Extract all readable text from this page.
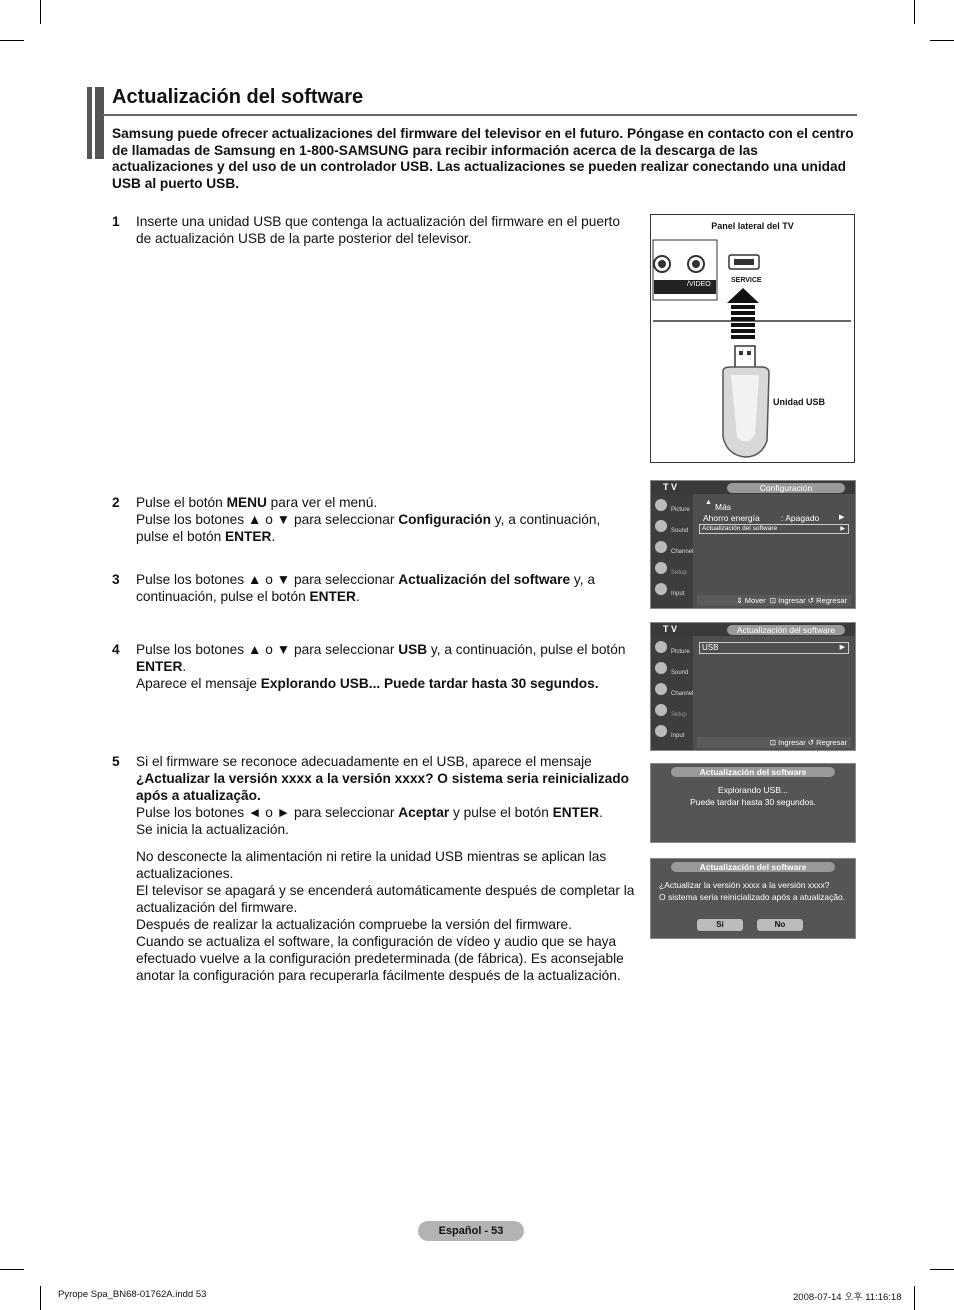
Actualización del software
Samsung puede ofrecer actualizaciones del firmware del televisor en el futuro. Póngase en contacto con el centro de llamadas de Samsung en 1-800-SAMSUNG para recibir información acerca de la descarga de las actualizaciones y del uso de un controlador USB. Las actualizaciones se pueden realizar conectando una unidad USB al puerto USB.
1 Inserte una unidad USB que contenga la actualización del firmware en el puerto de actualización USB de la parte posterior del televisor.

2 Pulse el botón MENU para ver el menú.

Pulse los botones ▲ o ▼ para seleccionar Configuración y, a continuación, pulse el botón ENTER.

3 Pulse los botones ▲ o ▼ para seleccionar Actualización del software y, a continuación, pulse el botón ENTER.

4 Pulse los botones ▲ o ▼ para seleccionar USB y, a continuación, pulse el botón ENTER.

Aparece el mensaje Explorando USB... Puede tardar hasta 30 segundos.

5 Si el firmware se reconoce adecuadamente en el USB, aparece el mensaje

¿Actualizar la versión xxxx a la versión xxxx? O sistema seria reinicializado após a atualização.

Pulse los botones ◄ o ► para seleccionar Aceptar y pulse el botón ENTER.

Se inicia la actualización.

No desconecte la alimentación ni retire la unidad USB mientras se aplican las actualizaciones.

El televisor se apagará y se encenderá automáticamente después de completar la actualización del firmware.

Después de realizar la actualización compruebe la versión del firmware.

Cuando se actualiza el software, la configuración de vídeo y audio que se haya efectuado vuelve a la configuración predeterminada (de fábrica). Es aconsejable anotar la configuración para recuperarla fácilmente después de la actualización.

Panel lateral del TV
SERVICE
/VIDEO
Unidad USB
T V	Configuración
Picture
Sound
Channel
Setup
Input
▲ Más
Ahorro energía	: Apagado	▶
Actualización del software	▶
⇕ Mover  ⊡ Ingresar ↺ Regresar
T V	Actualización del software
Picture
Sound
Channel
Setup
Input
USB	▶
⊡ Ingresar ↺ Regresar
Actualización del software
Explorando USB...
Puede tardar hasta 30 segundos.
Actualización del software
¿Actualizar la versión xxxx a la versión xxxx?
O sistema seria reinicializado após a atualização.
Sí	No
Español - 53
Pyrope Spa_BN68-01762A.indd 53	2008-07-14 오후 11:16:18
